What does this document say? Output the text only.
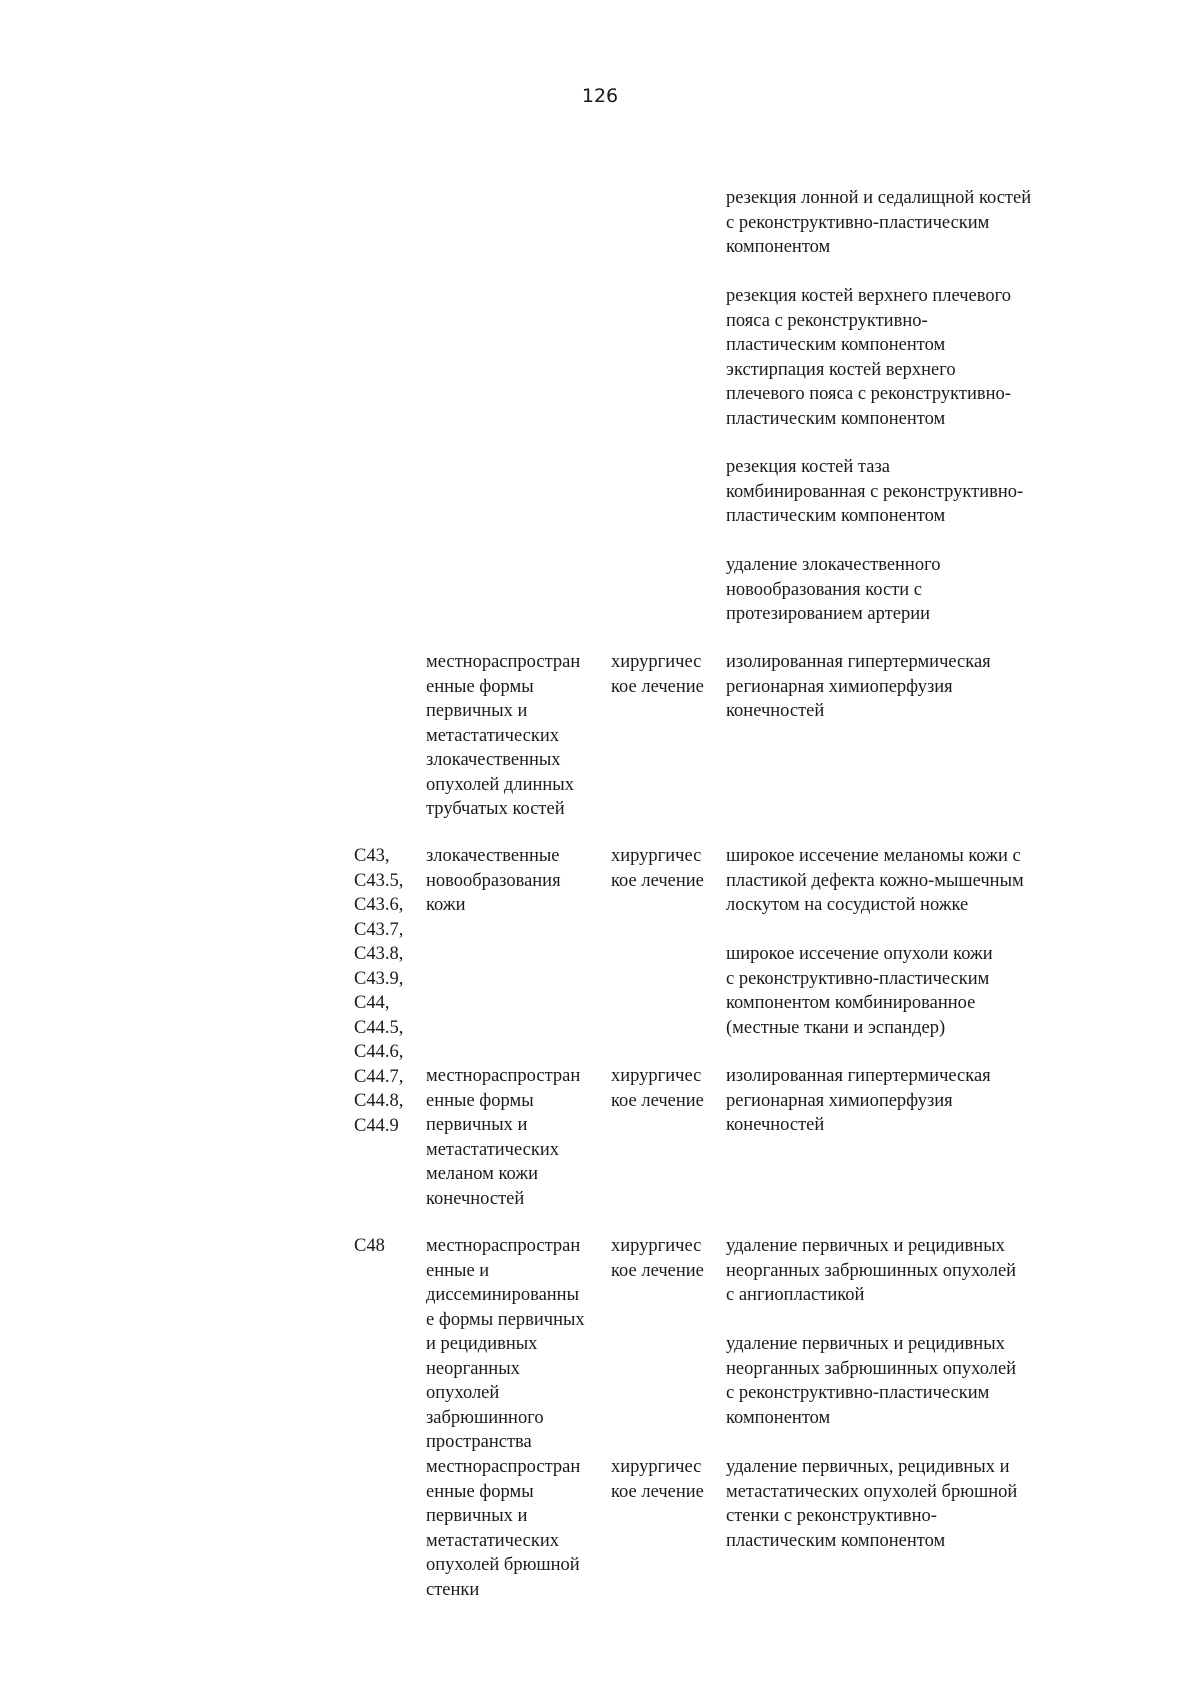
126
резекция лонной и седалищной костей
с реконструктивно-пластическим
компонентом
резекция костей верхнего плечевого
пояса с реконструктивно-
пластическим компонентом
экстирпация костей верхнего
плечевого пояса с реконструктивно-
пластическим компонентом
резекция костей таза
комбинированная с реконструктивно-
пластическим компонентом
удаление злокачественного
новообразования кости с
протезированием артерии
местнораспростран
енные формы
первичных и
метастатических
злокачественных
опухолей длинных
трубчатых костей
хирургичес
кое лечение
изолированная гипертермическая
регионарная химиоперфузия
конечностей
C43,
C43.5,
C43.6,
C43.7,
C43.8,
C43.9,
C44,
C44.5,
C44.6,
C44.7,
C44.8,
C44.9
злокачественные
новообразования
кожи
хирургичес
кое лечение
широкое иссечение меланомы кожи с
пластикой дефекта кожно-мышечным
лоскутом на сосудистой ножке
широкое иссечение опухоли кожи
с реконструктивно-пластическим
компонентом комбинированное
(местные ткани и эспандер)
местнораспростран
енные формы
первичных и
метастатических
меланом кожи
конечностей
хирургичес
кое лечение
изолированная гипертермическая
регионарная химиоперфузия
конечностей
C48 местнораспростран
енные и
диссеминированны
е формы первичных
и рецидивных
неорганных
опухолей
забрюшинного
пространства
хирургичес
кое лечение
удаление первичных и рецидивных
неорганных забрюшинных опухолей
с ангиопластикой
удаление первичных и рецидивных
неорганных забрюшинных опухолей
с реконструктивно-пластическим
компонентом
местнораспростран
енные формы
первичных и
метастатических
опухолей брюшной
стенки
хирургичес
кое лечение
удаление первичных, рецидивных и
метастатических опухолей брюшной
стенки с реконструктивно-
пластическим компонентом
